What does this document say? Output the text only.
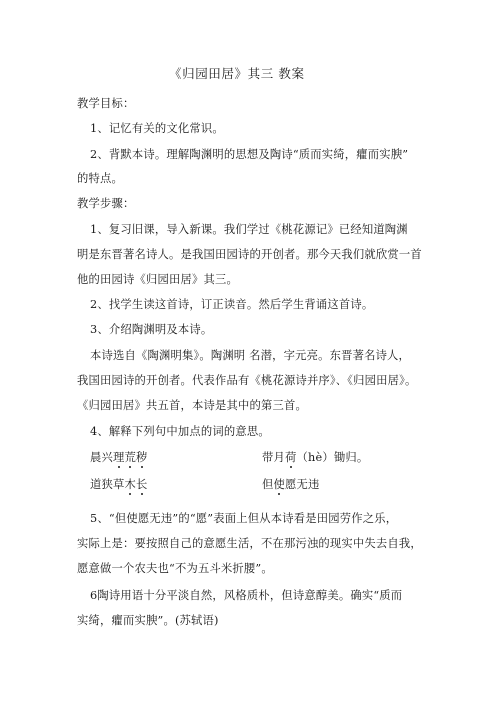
《归园田居》其三 教案
教学目标：
1、记忆有关的文化常识。
2、背默本诗。理解陶渊明的思想及陶诗“质而实绮，癯而实腴”
的特点。
教学步骤：
1、复习旧课，导入新课。我们学过《桃花源记》已经知道陶渊
明是东晋著名诗人。是我国田园诗的开创者。那今天我们就欣赏一首
他的田园诗《归园田居》其三。
2、找学生读这首诗，订正读音。然后学生背诵这首诗。
3、介绍陶渊明及本诗。
本诗选自《陶渊明集》。陶渊明 名潜，字元亮。东晋著名诗人，
我国田园诗的开创者。代表作品有《桃花源诗并序》、《归园田居》。
《归园田居》共五首，本诗是其中的第三首。
4、解释下列句中加点的词的意思。
晨兴理荒秽	带月荷（hè）锄归。
道狭草木长	但使愿无违
5、“但使愿无违”的“愿”表面上但从本诗看是田园劳作之乐，
实际上是：要按照自己的意愿生活，不在那污浊的现实中失去自我，
愿意做一个农夫也“不为五斗米折腰”。
6陶诗用语十分平淡自然，风格质朴，但诗意醇美。确实“质而
实绮，癯而实腴”。(苏轼语)
